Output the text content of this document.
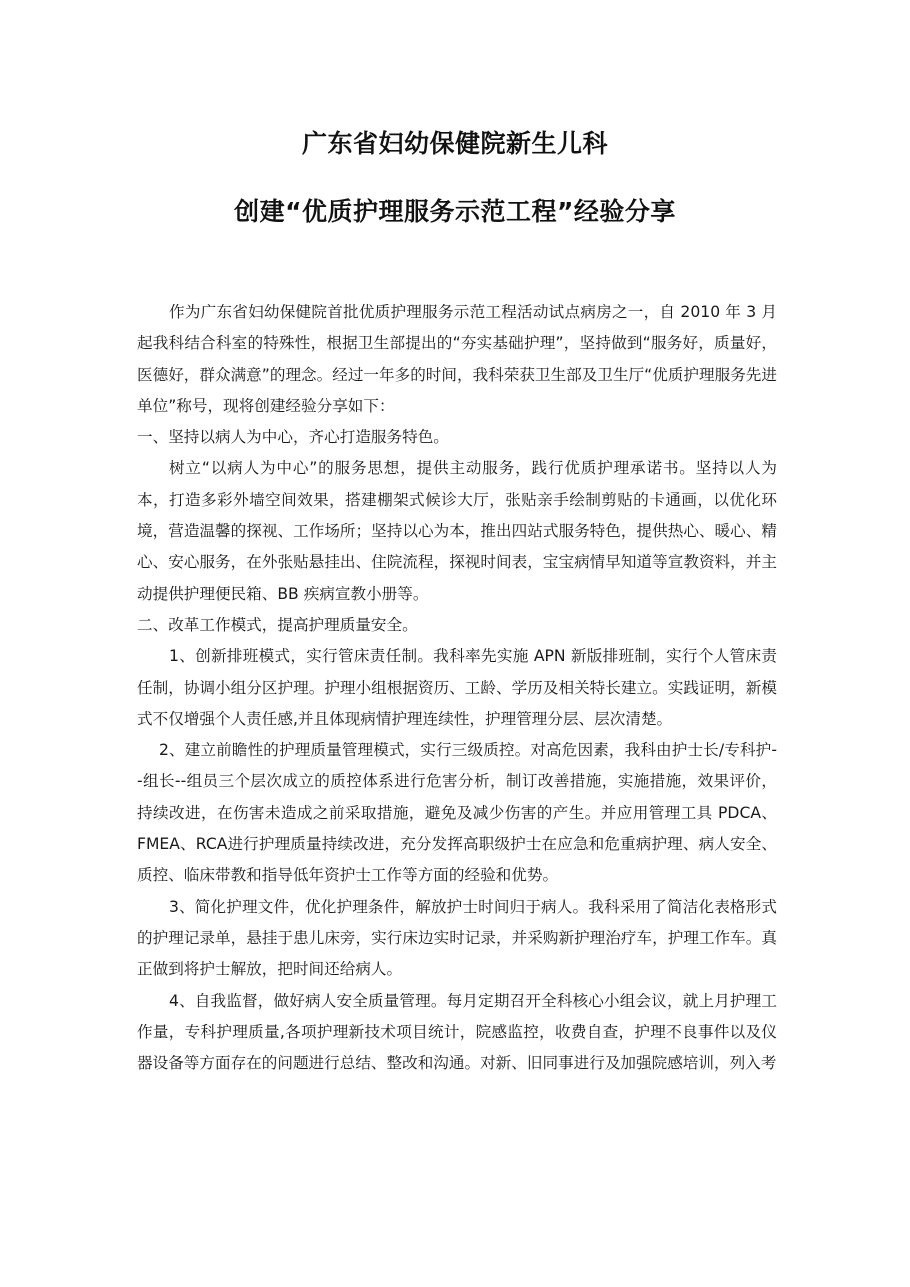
广东省妇幼保健院新生儿科
创建“优质护理服务示范工程”经验分享

作为广东省妇幼保健院首批优质护理服务示范工程活动试点病房之一，自 2010 年 3 月起我科结合科室的特殊性，根据卫生部提出的“夯实基础护理”，坚持做到“服务好，质量好，医德好，群众满意”的理念。经过一年多的时间，我科荣获卫生部及卫生厅“优质护理服务先进单位”称号，现将创建经验分享如下：

一、坚持以病人为中心，齐心打造服务特色。

树立“以病人为中心”的服务思想，提供主动服务，践行优质护理承诺书。坚持以人为本，打造多彩外墙空间效果，搭建棚架式候诊大厅，张贴亲手绘制剪贴的卡通画，以优化环境，营造温馨的探视、工作场所；坚持以心为本，推出四站式服务特色，提供热心、暖心、精心、安心服务，在外张贴悬挂出、住院流程，探视时间表，宝宝病情早知道等宣教资料，并主动提供护理便民箱、BB 疾病宣教小册等。

二、改革工作模式，提高护理质量安全。

1、创新排班模式，实行管床责任制。我科率先实施 APN 新版排班制，实行个人管床责任制，协调小组分区护理。护理小组根据资历、工龄、学历及相关特长建立。实践证明，新模式不仅增强个人责任感,并且体现病情护理连续性，护理管理分层、层次清楚。

2、建立前瞻性的护理质量管理模式，实行三级质控。对高危因素，我科由护士长/专科护--组长--组员三个层次成立的质控体系进行危害分析，制订改善措施，实施措施，效果评价，持续改进，在伤害未造成之前采取措施，避免及减少伤害的产生。并应用管理工具 PDCA、FMEA、RCA进行护理质量持续改进，充分发挥高职级护士在应急和危重病护理、病人安全、质控、临床带教和指导低年资护士工作等方面的经验和优势。

3、简化护理文件，优化护理条件，解放护士时间归于病人。我科采用了简洁化表格形式的护理记录单，悬挂于患儿床旁，实行床边实时记录，并采购新护理治疗车，护理工作车。真正做到将护士解放，把时间还给病人。

4、自我监督，做好病人安全质量管理。每月定期召开全科核心小组会议，就上月护理工作量，专科护理质量,各项护理新技术项目统计，院感监控，收费自查，护理不良事件以及仪器设备等方面存在的问题进行总结、整改和沟通。对新、旧同事进行及加强院感培训，列入考
